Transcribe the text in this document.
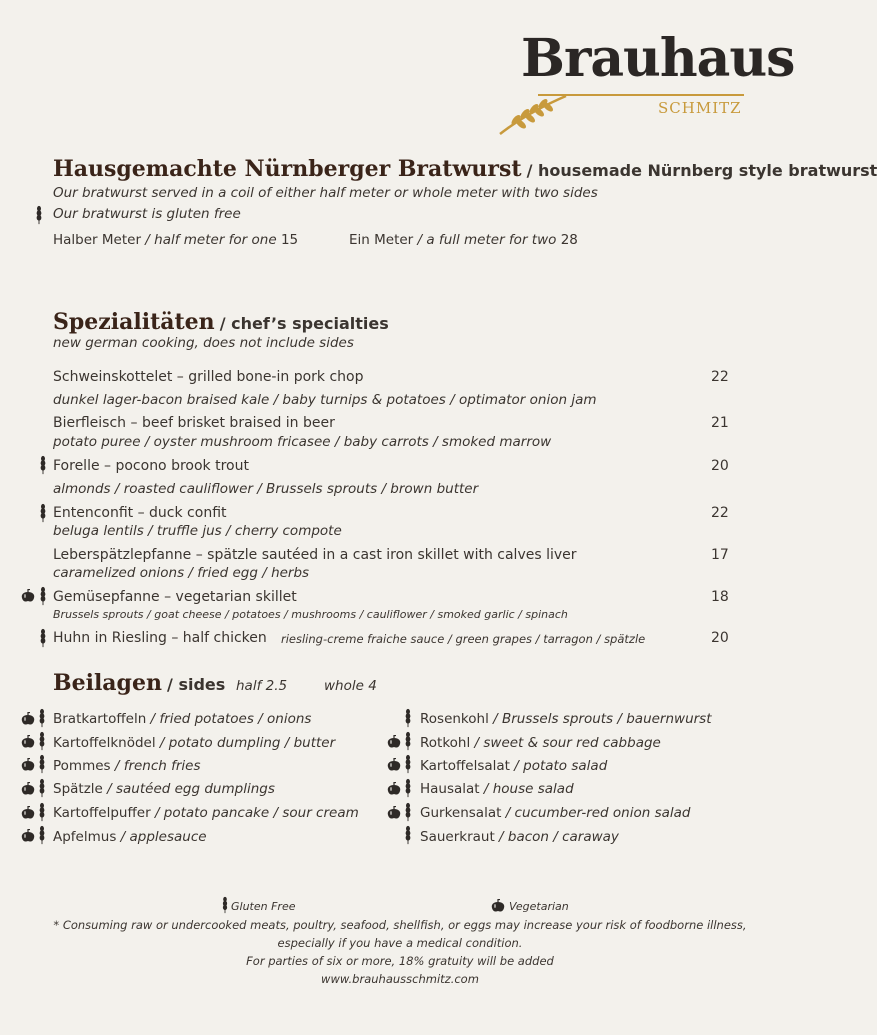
Brauhaus
SCHMITZ
Hausgemachte Nürnberger Bratwurst / housemade Nürnberg style bratwurst
Our bratwurst served in a coil of either half meter or whole meter with two sides
Our bratwurst is gluten free
Halber Meter / half meter for one 15	Ein Meter / a full meter for two 28
Spezialitäten / chef’s specialties
new german cooking, does not include sides
Schweinskottelet – grilled bone-in pork chop	22
dunkel lager-bacon braised kale / baby turnips & potatoes / optimator onion jam
Bierfleisch – beef brisket braised in beer	21
potato puree / oyster mushroom fricasee / baby carrots / smoked marrow
Forelle – pocono brook trout	20
almonds / roasted cauliflower / Brussels sprouts / brown butter
Entenconfit – duck confit	22
beluga lentils / truffle jus / cherry compote
Leberspätzlepfanne – spätzle sautéed in a cast iron skillet with calves liver	17
caramelized onions / fried egg / herbs
Gemüsepfanne – vegetarian skillet	18
Brussels sprouts / goat cheese / potatoes / mushrooms / cauliflower / smoked garlic / spinach
Huhn in Riesling – half chicken riesling-creme fraiche sauce / green grapes / tarragon / spätzle	20
Beilagen / sides half 2.5	whole 4
Bratkartoffeln / fried potatoes / onions
Kartoffelknödel / potato dumpling / butter
Pommes / french fries
Spätzle / sautéed egg dumplings
Kartoffelpuffer / potato pancake / sour cream
Apfelmus / applesauce
Rosenkohl / Brussels sprouts / bauernwurst
Rotkohl / sweet & sour red cabbage
Kartoffelsalat / potato salad
Hausalat / house salad
Gurkensalat / cucumber-red onion salad
Sauerkraut / bacon / caraway
Gluten Free	Vegetarian
* Consuming raw or undercooked meats, poultry, seafood, shellfish, or eggs may increase your risk of foodborne illness,
especially if you have a medical condition.
For parties of six or more, 18% gratuity will be added
www.brauhausschmitz.com
